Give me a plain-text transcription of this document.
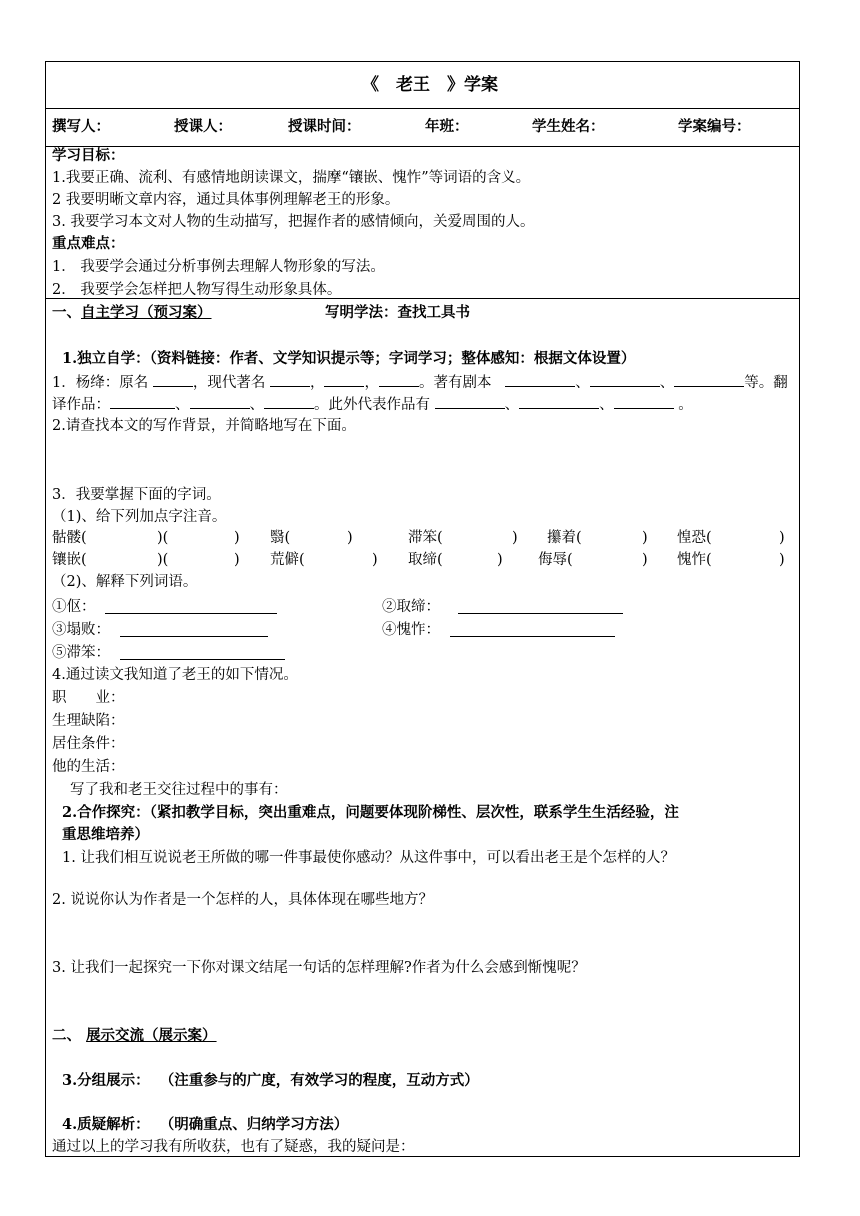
《　老王　》学案
撰写人：	授课人：	授课时间：	年班：	学生姓名：	学案编号：
学习目标：
1.我要正确、流利、有感情地朗读课文，揣摩“镶嵌、愧怍”等词语的含义。
2 我要明晰文章内容，通过具体事例理解老王的形象。
3. 我要学习本文对人物的生动描写，把握作者的感情倾向，关爱周围的人。
重点难点：
1． 我要学会通过分析事例去理解人物形象的写法。
2． 我要学会怎样把人物写得生动形象具体。
一、自主学习（预习案）	写明学法：查找工具书
1.独立自学：（资料链接：作者、文学知识提示等；字词学习；整体感知：根据文体设置）
1．杨绛：原名	，现代著名	，	，	。著有剧本	、	、	等。翻
译作品：	、	、	。此外代表作品有	、	、	。
2.请查找本文的写作背景，并简略地写在下面。
3．我要掌握下面的字词。
（1)、给下列加点字注音。
骷髅(	)(	) 翳(	)	滞笨(	) 攥着(	) 惶恐(	)
镶嵌(	)(	) 荒僻(	) 取缔(	) 侮辱(	) 愧怍(	)
（2)、解释下列词语。
①伛：	②取缔：
③塌败：	④愧怍：
⑤滞笨：
4.通过读文我知道了老王的如下情况。
职　　业：
生理缺陷：
居住条件：
他的生活：
写了我和老王交往过程中的事有：
2.合作探究：（紧扣教学目标，突出重难点，问题要体现阶梯性、层次性，联系学生生活经验，注
重思维培养）
1. 让我们相互说说老王所做的哪一件事最使你感动？从这件事中，可以看出老王是个怎样的人？
2. 说说你认为作者是一个怎样的人，具体体现在哪些地方？
3. 让我们一起探究一下你对课文结尾一句话的怎样理解?作者为什么会感到惭愧呢？
二、 展示交流（展示案）
3.分组展示： （注重参与的广度，有效学习的程度，互动方式）
4.质疑解析： （明确重点、归纳学习方法）
通过以上的学习我有所收获，也有了疑惑，我的疑问是：
